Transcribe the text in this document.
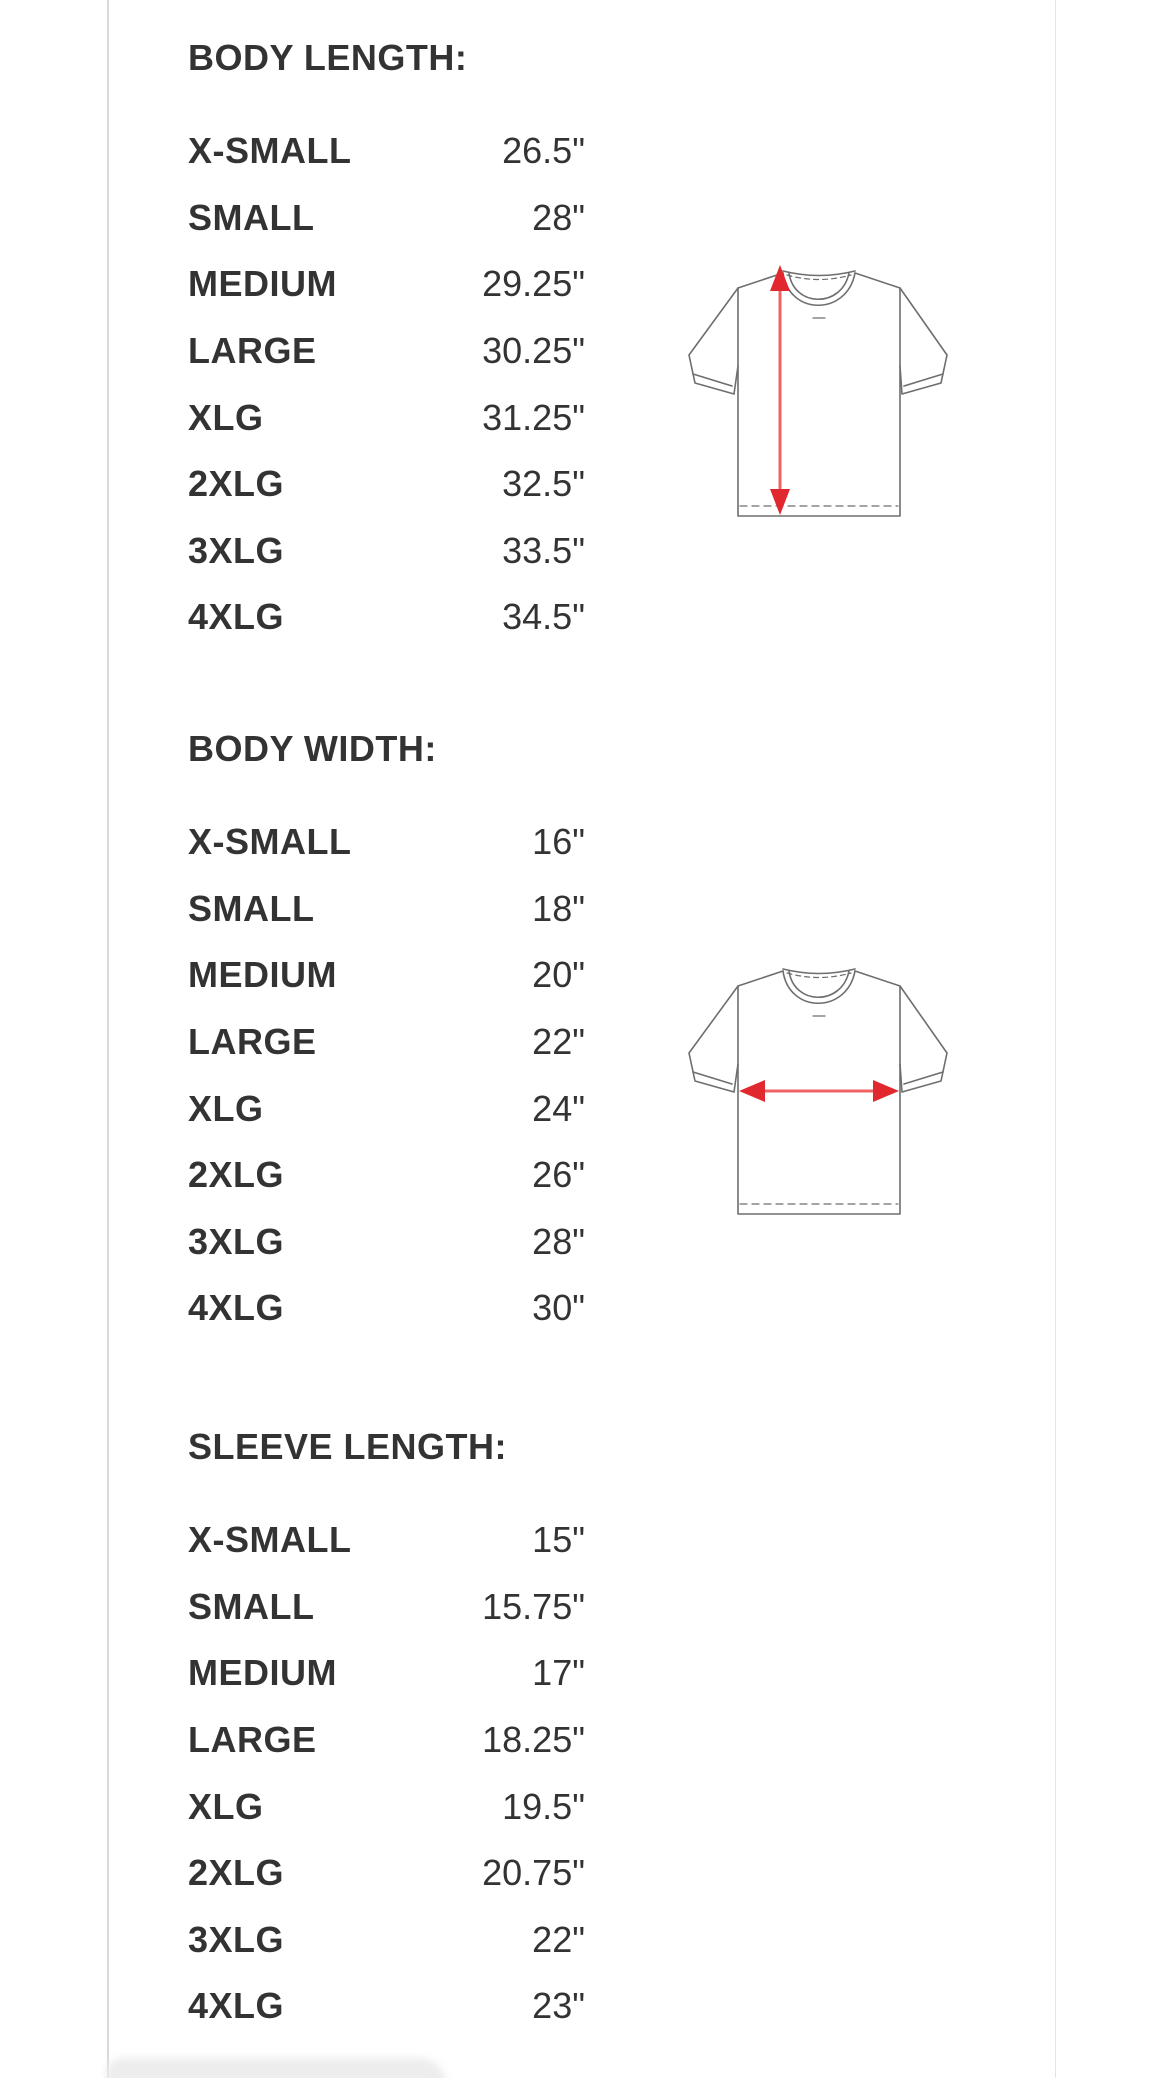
BODY LENGTH:
X-SMALL	26.5"
SMALL	28"
MEDIUM	29.25"
LARGE	30.25"
XLG	31.25"
2XLG	32.5"
3XLG	33.5"
4XLG	34.5"
BODY WIDTH:
X-SMALL	16"
SMALL	18"
MEDIUM	20"
LARGE	22"
XLG	24"
2XLG	26"
3XLG	28"
4XLG	30"
SLEEVE LENGTH:
X-SMALL	15"
SMALL	15.75"
MEDIUM	17"
LARGE	18.25"
XLG	19.5"
2XLG	20.75"
3XLG	22"
4XLG	23"
